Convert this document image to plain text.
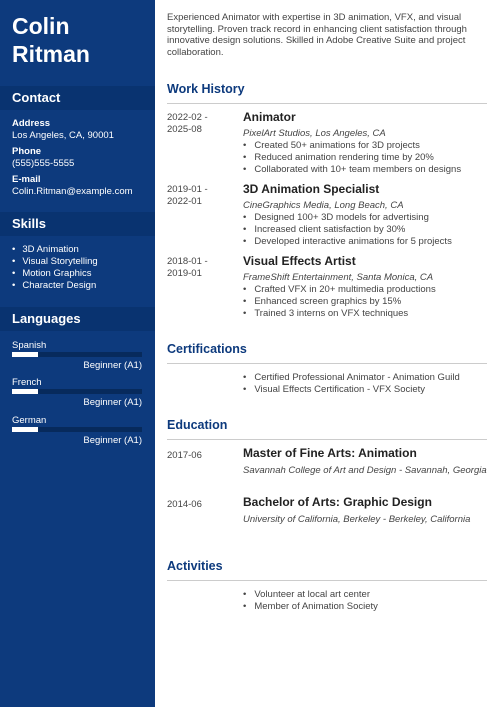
Colin
Ritman
Contact
Address
Los Angeles, CA, 90001
Phone
(555)555-5555
E-mail
Colin.Ritman@example.com
Skills
• 3D Animation
• Visual Storytelling
• Motion Graphics
• Character Design
Languages
Spanish
Beginner (A1)
French
Beginner (A1)
German
Beginner (A1)
Experienced Animator with expertise in 3D animation, VFX, and visual storytelling. Proven track record in enhancing client satisfaction through innovative design solutions. Skilled in Adobe Creative Suite and project collaboration.
Work History
2022-02 -
2025-08
Animator
PixelArt Studios, Los Angeles, CA
• Created 50+ animations for 3D projects
• Reduced animation rendering time by 20%
• Collaborated with 10+ team members on designs
2019-01 -
2022-01
3D Animation Specialist
CineGraphics Media, Long Beach, CA
• Designed 100+ 3D models for advertising
• Increased client satisfaction by 30%
• Developed interactive animations for 5 projects
2018-01 -
2019-01
Visual Effects Artist
FrameShift Entertainment, Santa Monica, CA
• Crafted VFX in 20+ multimedia productions
• Enhanced screen graphics by 15%
• Trained 3 interns on VFX techniques
Certifications
• Certified Professional Animator - Animation Guild
• Visual Effects Certification - VFX Society
Education
2017-06	Master of Fine Arts: Animation
Savannah College of Art and Design - Savannah, Georgia
2014-06	Bachelor of Arts: Graphic Design
University of California, Berkeley - Berkeley, California
Activities
• Volunteer at local art center
• Member of Animation Society
